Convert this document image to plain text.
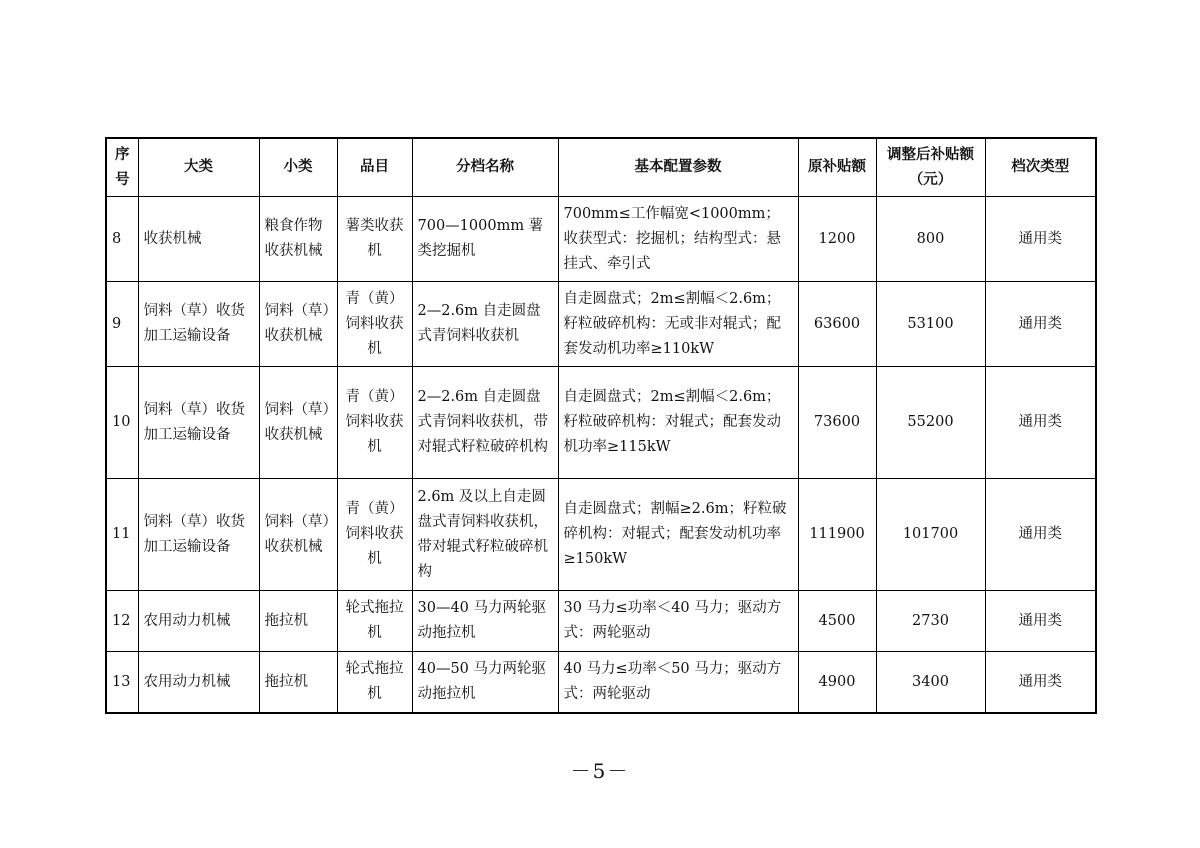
序号	大类	小类	品目	分档名称	基本配置参数	原补贴额	调整后补贴额（元）	档次类型
8	收获机械	粮食作物收获机械	薯类收获机	700—1000mm 薯类挖掘机	700mm≤工作幅宽<1000mm；收获型式：挖掘机；结构型式：悬挂式、牵引式	1200	800	通用类
9	饲料（草）收货加工运输设备	饲料（草）收获机械	青（黄）饲料收获机	2—2.6m 自走圆盘式青饲料收获机	自走圆盘式；2m≤割幅＜2.6m；籽粒破碎机构：无或非对辊式；配套发动机功率≥110kW	63600	53100	通用类
10	饲料（草）收货加工运输设备	饲料（草）收获机械	青（黄）饲料收获机	2—2.6m 自走圆盘式青饲料收获机，带对辊式籽粒破碎机构	自走圆盘式；2m≤割幅＜2.6m；籽粒破碎机构：对辊式；配套发动机功率≥115kW	73600	55200	通用类
11	饲料（草）收货加工运输设备	饲料（草）收获机械	青（黄）饲料收获机	2.6m 及以上自走圆盘式青饲料收获机，带对辊式籽粒破碎机构	自走圆盘式；割幅≥2.6m；籽粒破碎机构：对辊式；配套发动机功率≥150kW	111900	101700	通用类
12	农用动力机械	拖拉机	轮式拖拉机	30—40 马力两轮驱动拖拉机	30 马力≤功率＜40 马力；驱动方式：两轮驱动	4500	2730	通用类
13	农用动力机械	拖拉机	轮式拖拉机	40—50 马力两轮驱动拖拉机	40 马力≤功率＜50 马力；驱动方式：两轮驱动	4900	3400	通用类
－5－
